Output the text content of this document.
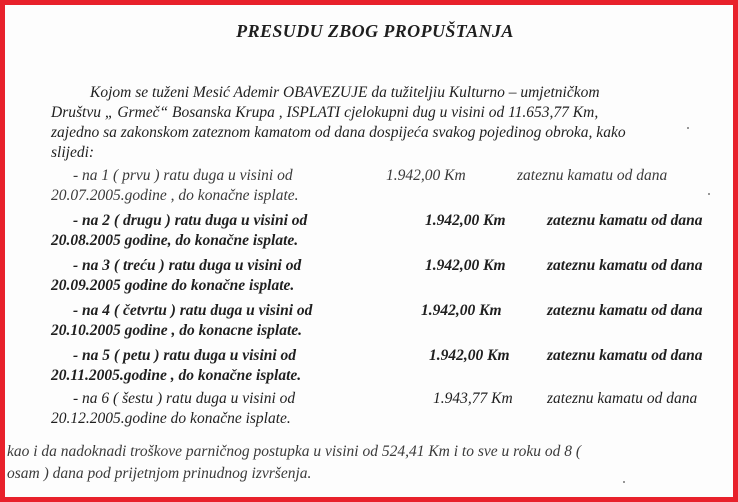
PRESUDU ZBOG PROPUŠTANJA
Kojom se tuženi Mesić Ademir OBAVEZUJE da tužiteljiu Kulturno – umjetničkom
Društvu „ Grmeč“ Bosanska Krupa , ISPLATI cjelokupni dug u visini od 11.653,77 Km,
zajedno sa zakonskom zateznom kamatom od dana dospijeća svakog pojedinog obroka, kako
slijedi:
- na 1 ( prvu ) ratu duga u visini od	1.942,00 Km	zateznu kamatu od dana
20.07.2005.godine , do konačne isplate.
- na 2 ( drugu ) ratu duga u visini od	1.942,00 Km	zateznu kamatu od dana
20.08.2005 godine, do konačne isplate.
- na 3 ( treću ) ratu duga u visini od	1.942,00 Km	zateznu kamatu od dana
20.09.2005 godine do konačne isplate.
- na 4 ( četvrtu ) ratu duga u visini od	1.942,00 Km	zateznu kamatu od dana
20.10.2005 godine , do konacne isplate.
- na 5 ( petu ) ratu duga u visini od	1.942,00 Km zateznu kamatu od dana
20.11.2005.godine , do konačne isplate.
- na 6 ( šestu ) ratu duga u visini od	1.943,77 Km zateznu kamatu od dana
20.12.2005.godine do konačne isplate.
kao i da nadoknadi troškove parničnog postupka u visini od 524,41 Km i to sve u roku od 8 (
osam ) dana pod prijetnjom prinudnog izvršenja.
